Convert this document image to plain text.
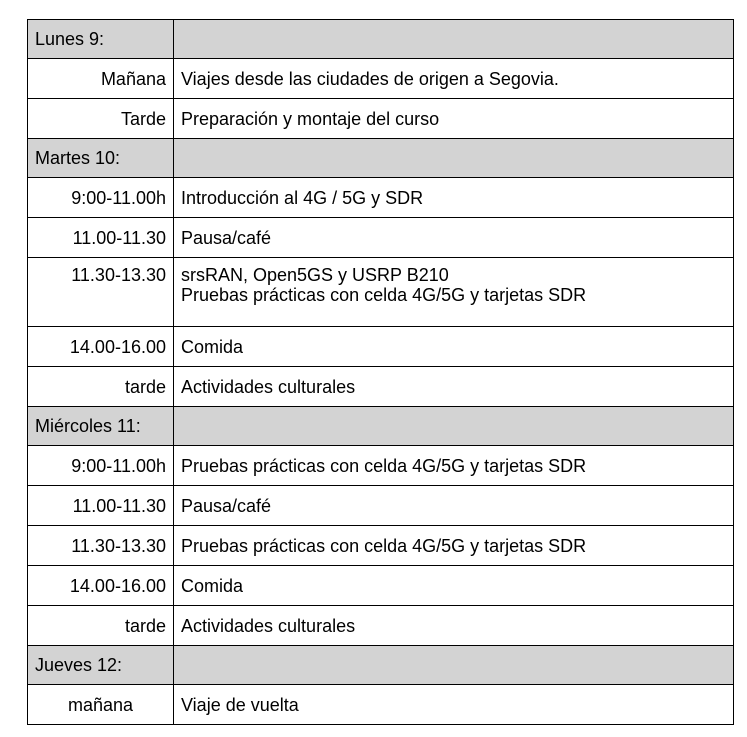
Lunes 9:	
Mañana	Viajes desde las ciudades de origen a Segovia.

Tarde	Preparación y montaje del curso

Martes 10:	
9:00-11.00h	Introducción al 4G / 5G y SDR

11.00-11.30	Pausa/café

11.30-13.30	srsRAN, Open5GS y USRP B210
Pruebas prácticas con celda 4G/5G y tarjetas SDR

14.00-16.00	Comida

tarde	Actividades culturales

Miércoles 11:	
9:00-11.00h	Pruebas prácticas con celda 4G/5G y tarjetas SDR

11.00-11.30	Pausa/café

11.30-13.30	Pruebas prácticas con celda 4G/5G y tarjetas SDR

14.00-16.00	Comida

tarde	Actividades culturales

Jueves 12:	
mañana	Viaje de vuelta
